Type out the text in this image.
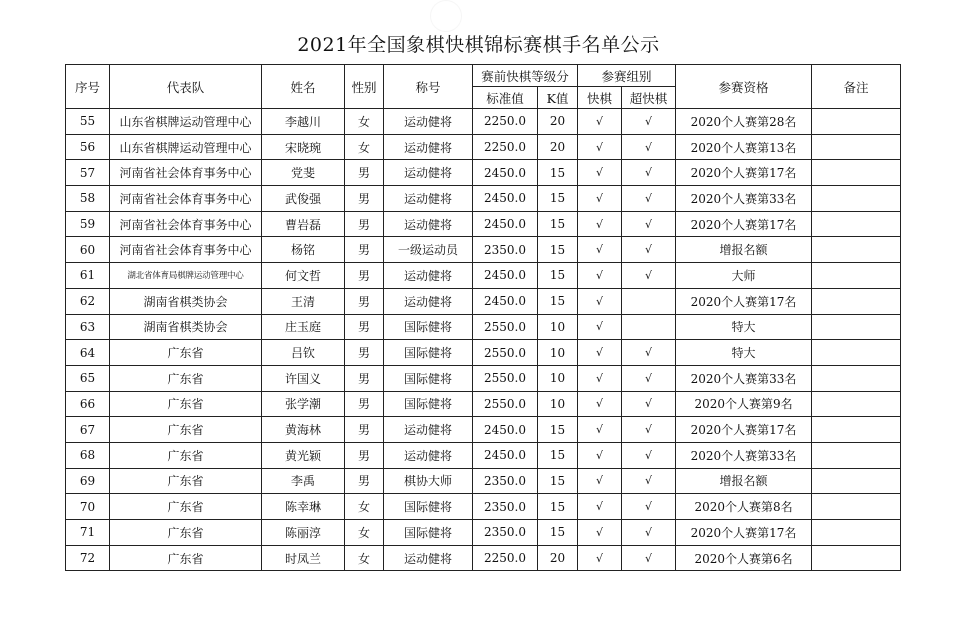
2021年全国象棋快棋锦标赛棋手名单公示
序号	代表队	姓名	性别	称号	赛前快棋等级分		参赛组别		参赛资格	备注
					标准值	K值	快棋	超快棋		
55	山东省棋牌运动管理中心	李越川	女	运动健将	2250.0	20	√	√	2020个人赛第28名	
56	山东省棋牌运动管理中心	宋晓琬	女	运动健将	2250.0	20	√	√	2020个人赛第13名	
57	河南省社会体育事务中心	党斐	男	运动健将	2450.0	15	√	√	2020个人赛第17名	
58	河南省社会体育事务中心	武俊强	男	运动健将	2450.0	15	√	√	2020个人赛第33名	
59	河南省社会体育事务中心	曹岩磊	男	运动健将	2450.0	15	√	√	2020个人赛第17名	
60	河南省社会体育事务中心	杨铭	男	一级运动员	2350.0	15	√	√	增报名额	
61	湖北省体育局棋牌运动管理中心	何文哲	男	运动健将	2450.0	15	√	√	大师	
62	湖南省棋类协会	王清	男	运动健将	2450.0	15	√		2020个人赛第17名	
63	湖南省棋类协会	庄玉庭	男	国际健将	2550.0	10	√		特大	
64	广东省	吕钦	男	国际健将	2550.0	10	√	√	特大	
65	广东省	许国义	男	国际健将	2550.0	10	√	√	2020个人赛第33名	
66	广东省	张学潮	男	国际健将	2550.0	10	√	√	2020个人赛第9名	
67	广东省	黄海林	男	运动健将	2450.0	15	√	√	2020个人赛第17名	
68	广东省	黄光颖	男	运动健将	2450.0	15	√	√	2020个人赛第33名	
69	广东省	李禹	男	棋协大师	2350.0	15	√	√	增报名额	
70	广东省	陈幸琳	女	国际健将	2350.0	15	√	√	2020个人赛第8名	
71	广东省	陈丽淳	女	国际健将	2350.0	15	√	√	2020个人赛第17名	
72	广东省	时凤兰	女	运动健将	2250.0	20	√	√	2020个人赛第6名	
